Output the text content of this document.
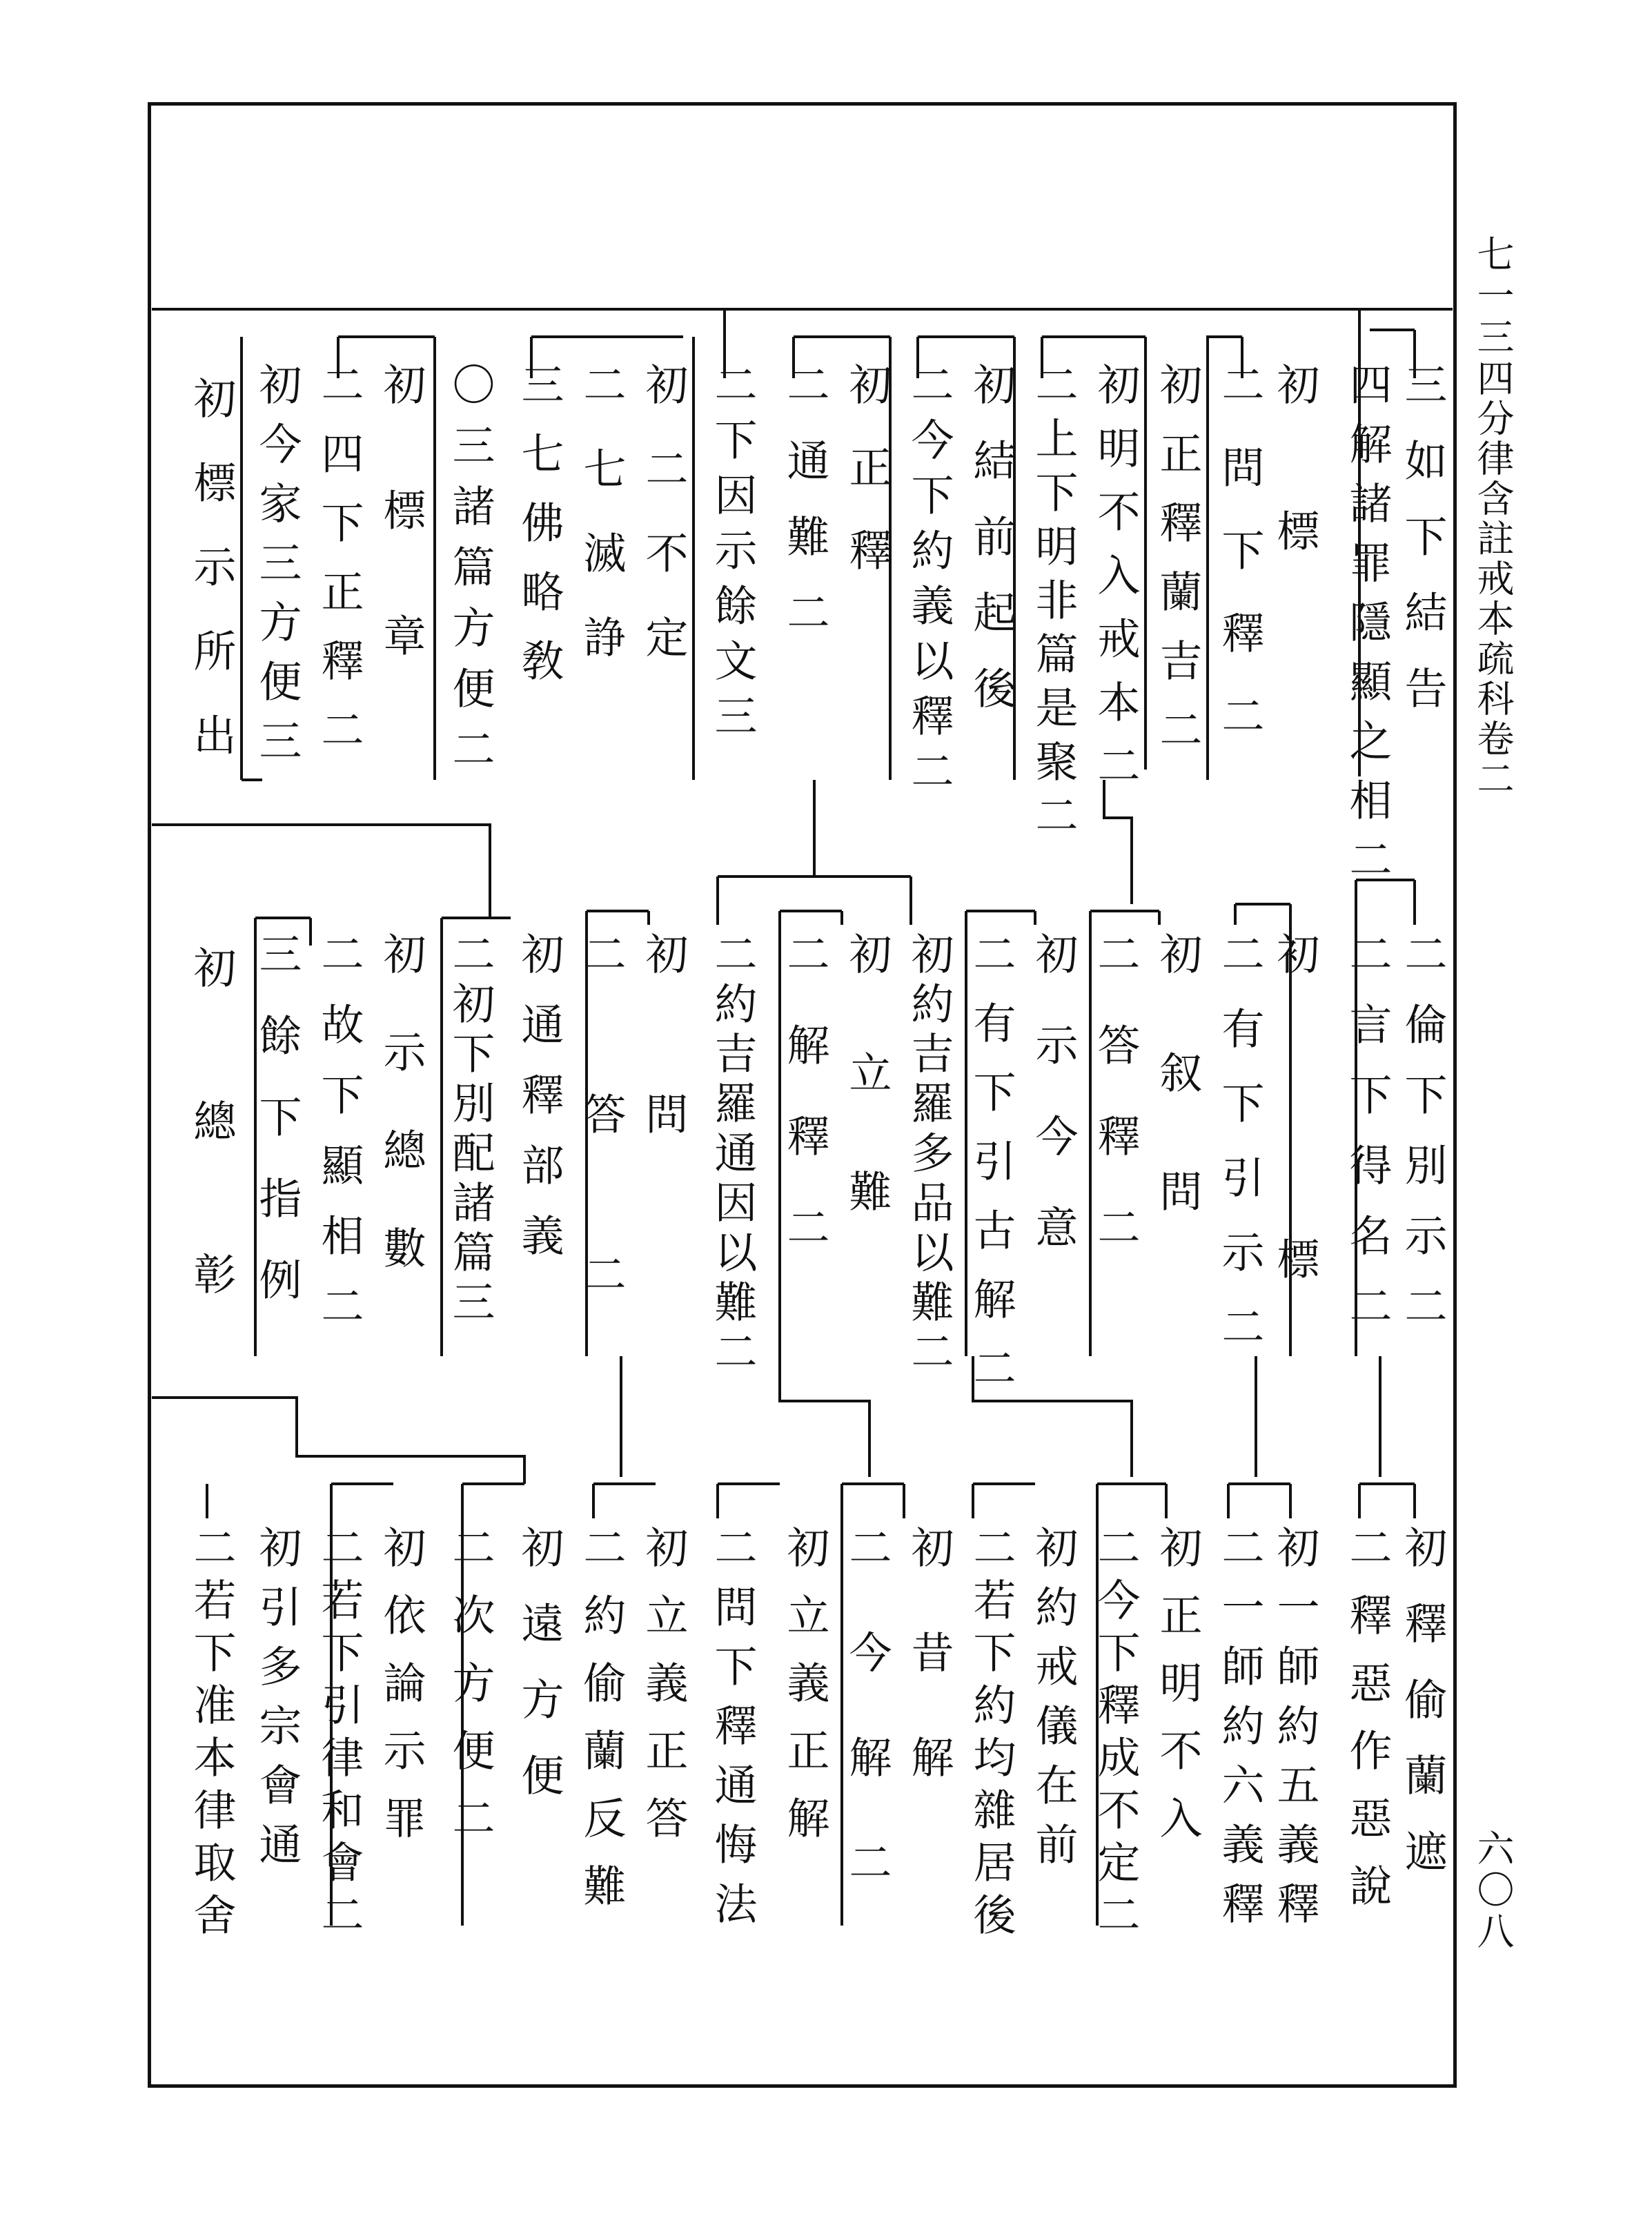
七一三
四分律含註戒本疏科卷二
六〇八
三如下結告
四解諸罪隱顯之相二
初標
二問下釋二
初正釋蘭吉二
初明不入戒本二
二上下明非篇是聚二
初結前起後
二今下約義以釋二
初正釋
二通難二
二下因示餘文三
初二不定
二七滅諍
三七佛略敎
〇三諸篇方便二
初標章
二四下正釋二
初今家三方便三
初標示所出
二倫下別示二
二言下得名二
初標
二有下引示二
初叙問
二答釋二
初示今意
二有下引古解二
初約吉羅多品以難二
初立難
二解釋二
二約吉羅通因以難二
初問
二答二
初通釋部義
二初下別配諸篇三
初示總數
二故下顯相二
三餘下指例
初總彰
初釋偷蘭遮
二釋惡作惡說
初一師約五義釋
二一師約六義釋
初正明不入
二今下釋成不定二
初約戒儀在前
二若下約均雜居後
初昔解
二今解二
初立義正解
二問下釋通悔法
初立義正答
二約偷蘭反難
初遠方便
二次方便二
初依論示罪
二若下引律和會二
初引多宗會通
二若下准本律取舍
